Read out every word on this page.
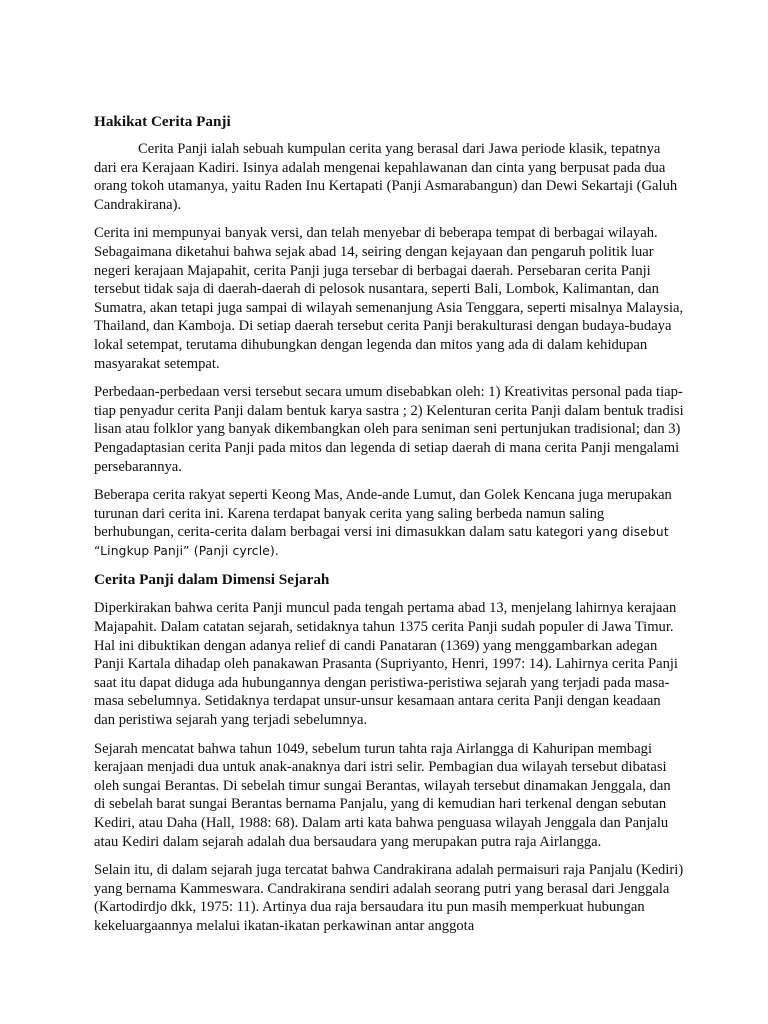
Hakikat Cerita Panji

Cerita Panji ialah sebuah kumpulan cerita yang berasal dari Jawa periode klasik, tepatnya dari era Kerajaan Kadiri. Isinya adalah mengenai kepahlawanan dan cinta yang berpusat pada dua orang tokoh utamanya, yaitu Raden Inu Kertapati (Panji Asmarabangun) dan Dewi Sekartaji (Galuh Candrakirana).

Cerita ini mempunyai banyak versi, dan telah menyebar di beberapa tempat di berbagai wilayah. Sebagaimana diketahui bahwa sejak abad 14, seiring dengan kejayaan dan pengaruh politik luar negeri kerajaan Majapahit, cerita Panji juga tersebar di berbagai daerah. Persebaran cerita Panji tersebut tidak saja di daerah-daerah di pelosok nusantara, seperti Bali, Lombok, Kalimantan, dan Sumatra, akan tetapi juga sampai di wilayah semenanjung Asia Tenggara, seperti misalnya Malaysia, Thailand, dan Kamboja. Di setiap daerah tersebut cerita Panji berakulturasi dengan budaya-budaya lokal setempat, terutama dihubungkan dengan legenda dan mitos yang ada di dalam kehidupan masyarakat setempat.

Perbedaan-perbedaan versi tersebut secara umum disebabkan oleh: 1) Kreativitas personal pada tiap-tiap penyadur cerita Panji dalam bentuk karya sastra ; 2) Kelenturan cerita Panji dalam bentuk tradisi lisan atau folklor yang banyak dikembangkan oleh para seniman seni pertunjukan tradisional; dan 3) Pengadaptasian cerita Panji pada mitos dan legenda di setiap daerah di mana cerita Panji mengalami persebarannya.

Beberapa cerita rakyat seperti Keong Mas, Ande-ande Lumut, dan Golek Kencana juga merupakan turunan dari cerita ini. Karena terdapat banyak cerita yang saling berbeda namun saling berhubungan, cerita-cerita dalam berbagai versi ini dimasukkan dalam satu kategori yang disebut “Lingkup Panji” (Panji cyrcle).

Cerita Panji dalam Dimensi Sejarah

Diperkirakan bahwa cerita Panji muncul pada tengah pertama abad 13, menjelang lahirnya kerajaan Majapahit. Dalam catatan sejarah, setidaknya tahun 1375 cerita Panji sudah populer di Jawa Timur. Hal ini dibuktikan dengan adanya relief di candi Panataran (1369) yang menggambarkan adegan Panji Kartala dihadap oleh panakawan Prasanta (Supriyanto, Henri, 1997: 14). Lahirnya cerita Panji saat itu dapat diduga ada hubungannya dengan peristiwa-peristiwa sejarah yang terjadi pada masa-masa sebelumnya. Setidaknya terdapat unsur-unsur kesamaan antara cerita Panji dengan keadaan dan peristiwa sejarah yang terjadi sebelumnya.

Sejarah mencatat bahwa tahun 1049, sebelum turun tahta raja Airlangga di Kahuripan membagi kerajaan menjadi dua untuk anak-anaknya dari istri selir. Pembagian dua wilayah tersebut dibatasi oleh sungai Berantas. Di sebelah timur sungai Berantas, wilayah tersebut dinamakan Jenggala, dan di sebelah barat sungai Berantas bernama Panjalu, yang di kemudian hari terkenal dengan sebutan Kediri, atau Daha (Hall, 1988: 68). Dalam arti kata bahwa penguasa wilayah Jenggala dan Panjalu atau Kediri dalam sejarah adalah dua bersaudara yang merupakan putra raja Airlangga.

Selain itu, di dalam sejarah juga tercatat bahwa Candrakirana adalah permaisuri raja Panjalu (Kediri) yang bernama Kammeswara. Candrakirana sendiri adalah seorang putri yang berasal dari Jenggala (Kartodirdjo dkk, 1975: 11). Artinya dua raja bersaudara itu pun masih memperkuat hubungan kekeluargaannya melalui ikatan-ikatan perkawinan antar anggota
